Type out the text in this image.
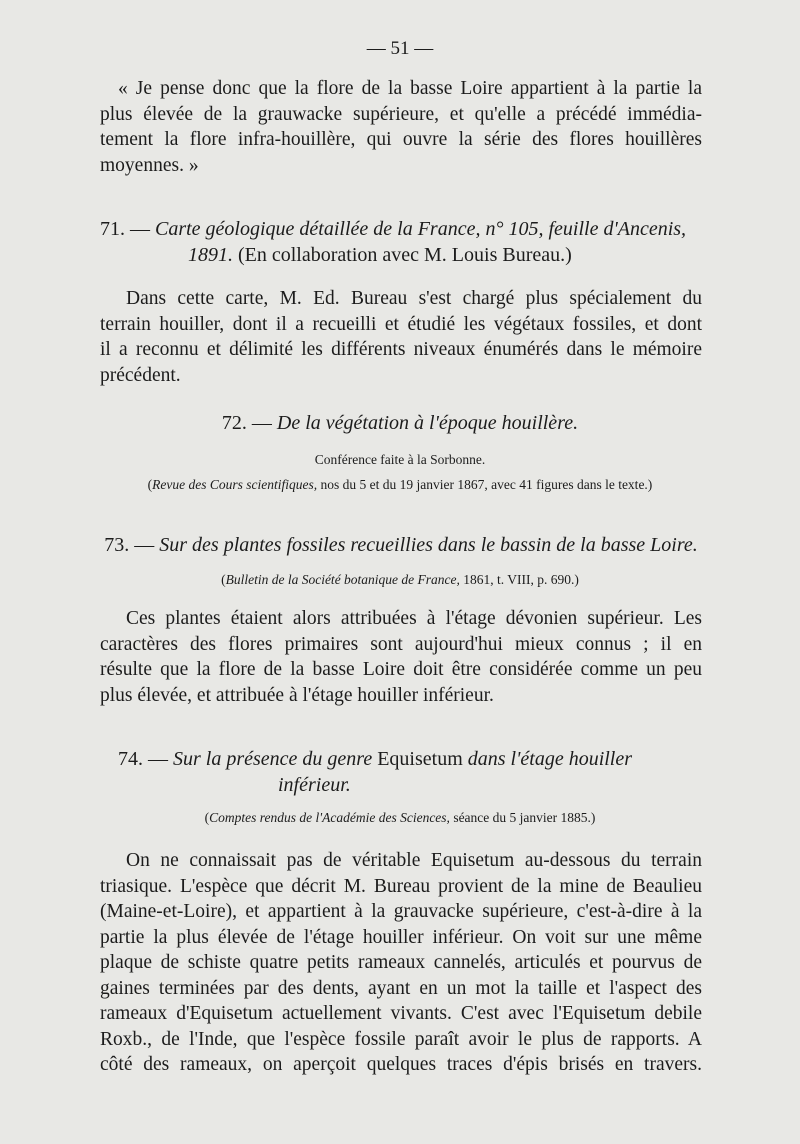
— 51 —

« Je pense donc que la flore de la basse Loire appartient à la partie la
plus élevée de la grauwacke supérieure, et qu'elle a précédé immédia-
tement la flore infra-houillère, qui ouvre la série des flores houillères
moyennes. »

71. — Carte géologique détaillée de la France, n° 105, feuille d'Ancenis,
1891. (En collaboration avec M. Louis Bureau.)

Dans cette carte, M. Ed. Bureau s'est chargé plus spécialement du
terrain houiller, dont il a recueilli et étudié les végétaux fossiles, et dont
il a reconnu et délimité les différents niveaux énumérés dans le mémoire
précédent.

72. — De la végétation à l'époque houillère.
Conférence faite à la Sorbonne.
(Revue des Cours scientifiques, nos du 5 et du 19 janvier 1867, avec 41 figures dans le texte.)
73. — Sur des plantes fossiles recueillies dans le bassin de la basse Loire.
(Bulletin de la Société botanique de France, 1861, t. VIII, p. 690.)

Ces plantes étaient alors attribuées à l'étage dévonien supérieur. Les
caractères des flores primaires sont aujourd'hui mieux connus ; il en
résulte que la flore de la basse Loire doit être considérée comme un peu
plus élevée, et attribuée à l'étage houiller inférieur.

74. — Sur la présence du genre Equisetum dans l'étage houiller
inférieur.
(Comptes rendus de l'Académie des Sciences, séance du 5 janvier 1885.)

On ne connaissait pas de véritable Equisetum au-dessous du terrain
triasique. L'espèce que décrit M. Bureau provient de la mine de Beaulieu
(Maine-et-Loire), et appartient à la grauvacke supérieure, c'est-à-dire à la
partie la plus élevée de l'étage houiller inférieur. On voit sur une même
plaque de schiste quatre petits rameaux cannelés, articulés et pourvus de
gaines terminées par des dents, ayant en un mot la taille et l'aspect des
rameaux d'Equisetum actuellement vivants. C'est avec l'Equisetum debile
Roxb., de l'Inde, que l'espèce fossile paraît avoir le plus de rapports. A
côté des rameaux, on aperçoit quelques traces d'épis brisés en travers.
